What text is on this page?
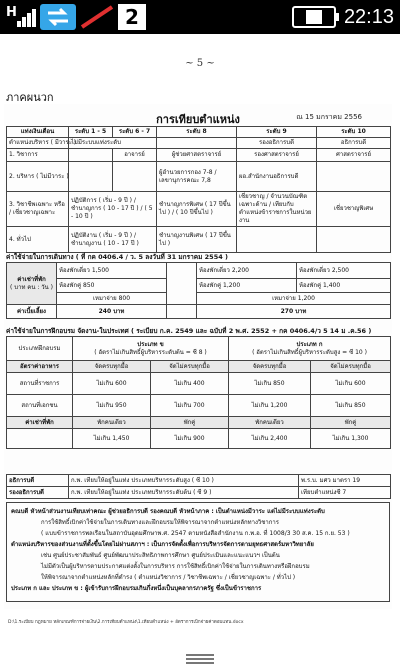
H	2	22:13
~ 5 ~
ภาคผนวก
การเทียบตำแหน่ง	ณ 15 มกราคม 2556
แท่งเงินเดือน	ระดับ 1 - 5	ระดับ 6 - 7	ระดับ 8	ระดับ 9	ระดับ 10
ตำแหน่งบริหาร ( มีวาระ )	ไม่มีระบบแท่งระดับ			รองอธิการบดี	อธิการบดี
1. วิชาการ		อาจารย์	ผู้ช่วยศาสตราจารย์	รองศาสตราจารย์	ศาสตราจารย์
2. บริหาร ( ไม่มีวาระ )			ผู้อำนวยการกอง 7-8 / เลขานุการคณะ 7,8	ผอ.สำนักงานอธิการบดี	
3. วิชาชีพเฉพาะ หรือ / เชี่ยวชาญเฉพาะ	ปฏิบัติการ ( เริ่ม - 9 ปี ) / ชำนาญการ ( 10 - 17 ปี ) / ( 5 - 10 ปี )		ชำนาญการพิเศษ ( 17 ปีขึ้นไป ) / ( 10 ปีขึ้นไป )	เชี่ยวชาญ / จำนวนบัณฑิตเฉพาะด้าน / เทียบกับตำแหน่งข้าราชการในหน่วยงาน	เชี่ยวชาญพิเศษ
4. ทั่วไป	ปฏิบัติงาน ( เริ่ม - 9 ปี ) / ชำนาญงาน ( 10 - 17 ปี )		ชำนาญงานพิเศษ ( 17 ปีขึ้นไป )		
ค่าใช้จ่ายในการเดินทาง ( ที่ กค 0406.4 / ว. 5 ลงวันที่ 31 มกราคม 2554 )
ค่าเช่าที่พัก
( บาท คน : วัน )	ห้องพักเดี่ยว 1,500		ห้องพักเดี่ยว 2,200	ห้องพักเดี่ยว 2,500
	ห้องพักคู่ 850		ห้องพักคู่ 1,200	ห้องพักคู่ 1,400
	เหมาจ่าย 800		เหมาจ่าย 1,200	
ค่าเบี้ยเลี้ยง	240 บาท		270 บาท	
ค่าใช้จ่ายในการฝึกอบรม จัดงาน-ในประเทศ ( ระเบียบ ก.ค. 2549 และ ฉบับที่ 2 พ.ศ. 2552 + กค 0406.4/ว 5 14 ม .ค.56 )
ประเภทฝึกอบรม	ประเภท ข
( อัตราไม่เกินสิทธิ์ผู้บริหารระดับต้น = ซี 8 )		ประเภท ก
( อัตราไม่เกินสิทธิ์ผู้บริหารระดับสูง = ซี 10 )	
อัตราค่าอาหาร	จัดครบทุกมื้อ	จัดไม่ครบทุกมื้อ	จัดครบทุกมื้อ	จัดไม่ครบทุกมื้อ
สถานที่ราชการ	ไม่เกิน 600	ไม่เกิน 400	ไม่เกิน 850	ไม่เกิน 600
สถานที่เอกชน	ไม่เกิน 950	ไม่เกิน 700	ไม่เกิน 1,200	ไม่เกิน 850
ค่าเช่าที่พัก	พักคนเดียว	พักคู่	พักคนเดียว	พักคู่
	ไม่เกิน 1,450	ไม่เกิน 900	ไม่เกิน 2,400	ไม่เกิน 1,300
อธิการบดี	ก.พ. เทียบให้อยู่ในแท่ง ประเภทบริหารระดับสูง ( ซี 10 )	พ.ร.บ. มศว มาตรา 19
รองอธิการบดี	ก.พ. เทียบให้อยู่ในแท่ง ประเภทบริหารระดับต้น ( ซี 9 )	เทียบตำแหน่งซี 7

คณบดี หัวหน้าส่วนงานเทียบเท่าคณะ ผู้ช่วยอธิการบดี รองคณบดี หัวหน้าภาค : เป็นตำแหน่งมีวาระ แต่ไม่มีระบบแท่งระดับ

การใช้สิทธิ์เบิกค่าใช้จ่ายในการเดินทางและฝึกอบรมให้พิจารณาจากตำแหน่งหลักทางวิชาการ

( แบบข้าราชการพลเรือนในสถาบันอุดมศึกษาพ.ศ. 2547 ตามหนังสือสำนักงาน ก.พ.อ. ที่ 1008/3 30 ส.ค. 15 ก.ย. 53 )

ตำแหน่งบริหารของส่วนงานที่ตั้งขึ้นโดยไม่ผ่านสภาฯ : เป็นการจัดตั้งเพื่อการบริหารจัดการตามยุทธศาสตร์มหาวิทยาลัย

เช่น ศูนย์ประชาสัมพันธ์ ศูนย์พัฒนาประสิทธิภาพการศึกษา ศูนย์ประเมินและแนะแนวฯ เป็นต้น

ไม่มีตัวเป็นผู้บริหารตามประกาศแต่งตั้งในการบริหาร การใช้สิทธิ์เบิกค่าใช้จ่ายในการเดินทางหรือฝึกอบรม

ให้พิจารณาจากตำแหน่งหลักที่ดำรง ( ตำแหน่งวิชาการ / วิชาชีพเฉพาะ / เชี่ยวชาญเฉพาะ / ทั่วไป )

ประเภท ก และ ประเภท ข : ผู้เข้ารับการฝึกอบรมเกินกึ่งหนึ่งเป็นบุคลากรภาครัฐ ซึ่งเป็นข้าราชการ

D:\1.ระเบียบ กฎหมาย หลักเกณฑ์การจ่ายเงิน\2.การเทียบตำแหน่ง\1.เทียบตำแหน่ง + อัตราการเบิกจ่ายค่าตอบแทน.docx
